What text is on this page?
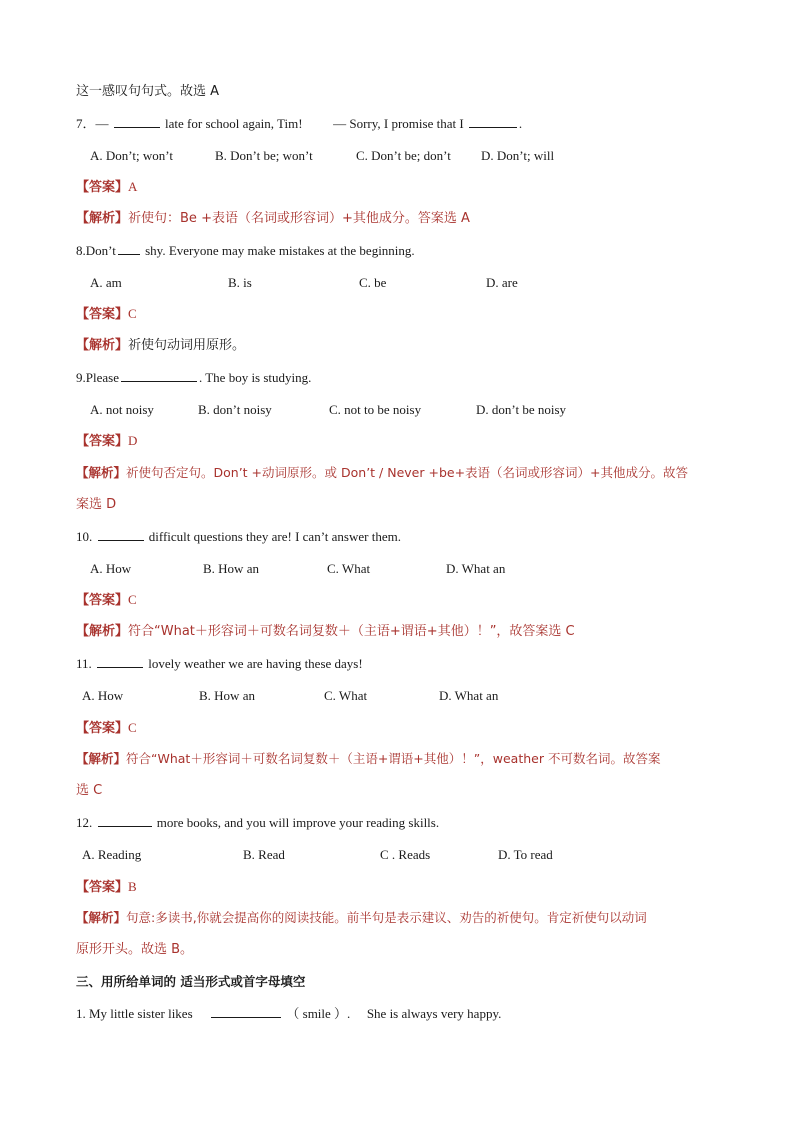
这一感叹句句式。故选 A
7．—	late for school again, Tim! — Sorry, I promise that I	.
A. Don’t; won’t	B. Don’t be; won’t	C. Don’t be; don’t D. Don’t; will
【答案】A
【解析】祈使句：Be +表语（名词或形容词）+其他成分。答案选 A
8.Don’t shy. Everyone may make mistakes at the beginning.
A. am	B. is	C. be	D. are
【答案】C
【解析】祈使句动词用原形。
9.Please	. The boy is studying.
A. not noisy	B. don’t noisy	C. not to be noisy	D. don’t be noisy
【答案】D
【解析】祈使句否定句。Don’t +动词原形。或 Don’t / Never +be+表语（名词或形容词）+其他成分。故答
案选 D
10.	difficult questions they are! I can’t answer them.
A. How	B. How an	C. What	D. What an
【答案】C
【解析】符合“What＋形容词＋可数名词复数＋（主语+谓语+其他）！”，故答案选 C
11.	lovely weather we are having these days!
A. How	B. How an	C. What	D. What an
【答案】C
【解析】符合“What＋形容词＋可数名词复数＋（主语+谓语+其他）！”，weather 不可数名词。故答案
选 C
12.	more books, and you will improve your reading skills.
A. Reading	B. Read	C . Reads	D. To read
【答案】B
【解析】句意:多读书,你就会提高你的阅读技能。前半句是表示建议、劝告的祈使句。肯定祈使句以动词
原形开头。故选 B。
三、用所给单词的 适当形式或首字母填空
1. My little sister likes	（ smile ）. She is always very happy.
